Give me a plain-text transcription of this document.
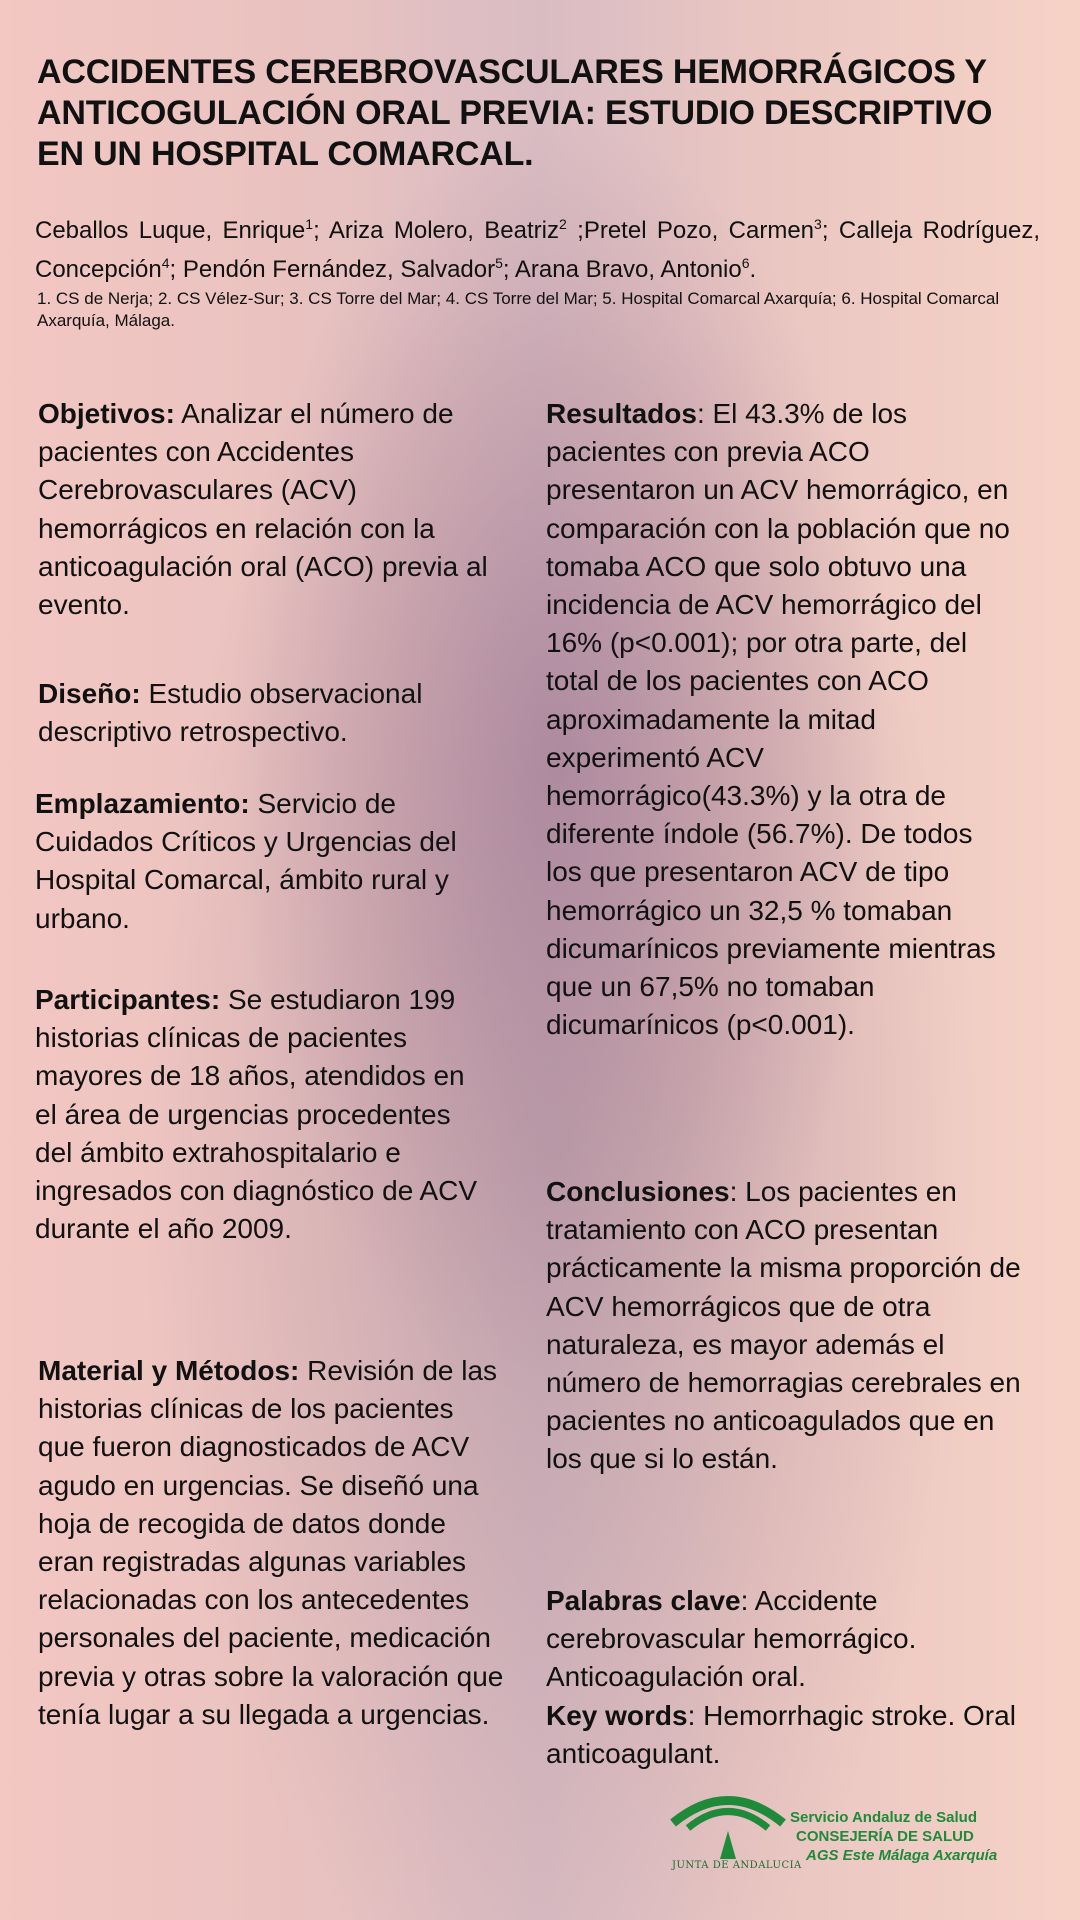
ACCIDENTES CEREBROVASCULARES HEMORRÁGICOS Y ANTICOGULACIÓN ORAL PREVIA: ESTUDIO DESCRIPTIVO EN UN HOSPITAL COMARCAL.
Ceballos Luque, Enrique$^1$; Ariza Molero, Beatriz$^2$ ;Pretel Pozo, Carmen$^3$; Calleja Rodríguez, Concepción$^4$; Pendón Fernández, Salvador$^5$; Arana Bravo, Antonio$^6$.
1. CS de Nerja; 2. CS Vélez-Sur; 3. CS Torre del Mar; 4. CS Torre del Mar; 5. Hospital Comarcal Axarquía; 6. Hospital Comarcal Axarquía, Málaga.
Objetivos: Analizar el número de pacientes con Accidentes Cerebrovasculares (ACV) hemorrágicos en relación con la anticoagulación oral (ACO) previa al evento.
Diseño: Estudio observacional descriptivo retrospectivo.
Emplazamiento: Servicio de Cuidados Críticos y Urgencias del Hospital Comarcal, ámbito rural y urbano.
Participantes: Se estudiaron 199 historias clínicas de pacientes mayores de 18 años, atendidos en el área de urgencias procedentes del ámbito extrahospitalario e ingresados con diagnóstico de ACV durante el año 2009.
Material y Métodos: Revisión de las historias clínicas de los pacientes que fueron diagnosticados de ACV agudo en urgencias. Se diseñó una hoja de recogida de datos donde eran registradas algunas variables relacionadas con los antecedentes personales del paciente, medicación previa y otras sobre la valoración que tenía lugar a su llegada a urgencias.
Resultados: El 43.3% de los pacientes con previa ACO presentaron un ACV hemorrágico, en comparación con la población que no tomaba ACO que solo obtuvo una incidencia de ACV hemorrágico del 16% (p<0.001); por otra parte, del total de los pacientes con ACO aproximadamente la mitad experimentó ACV hemorrágico(43.3%) y la otra de diferente índole (56.7%). De todos los que presentaron ACV de tipo hemorrágico un 32,5 % tomaban dicumarínicos previamente mientras que un 67,5% no tomaban dicumarínicos (p<0.001).
Conclusiones: Los pacientes en tratamiento con ACO presentan prácticamente la misma proporción de ACV hemorrágicos que de otra naturaleza, es mayor además el número de hemorragias cerebrales en pacientes no anticoagulados que en los que si lo están.
Palabras clave: Accidente cerebrovascular hemorrágico. Anticoagulación oral.
Key words: Hemorrhagic stroke. Oral anticoagulant.
JUNTA DE ANDALUCIA
Servicio Andaluz de Salud
CONSEJERÍA DE SALUD
AGS Este Málaga Axarquía
